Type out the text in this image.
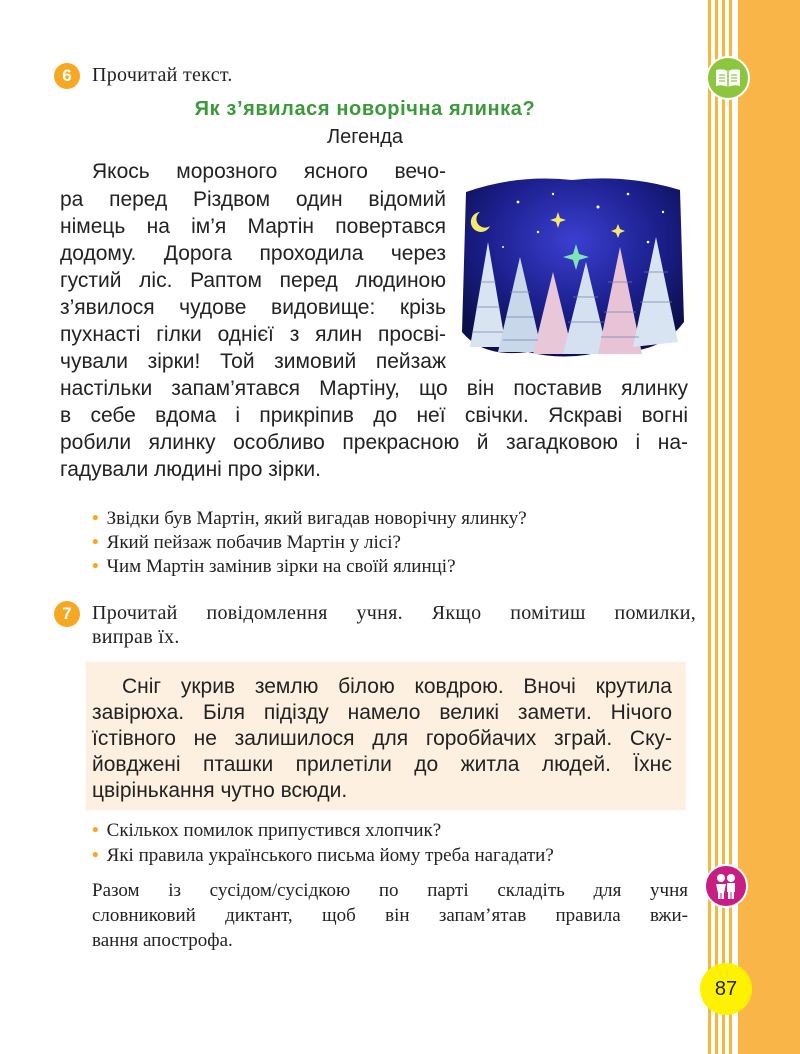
87
6	Прочитай текст.
Як з’явилася новорічна ялинка?
Легенда
Якось морозного ясного вечо-
ра перед Різдвом один відомий
німець на ім’я Мартін повертався
додому. Дорога проходила через
густий ліс. Раптом перед людиною
з’явилося чудове видовище: крізь
пухнасті гілки однієї з ялин просві-
чували зірки! Той зимовий пейзаж
настільки запам’ятався Мартіну, що він поставив ялинку
в себе вдома і прикріпив до неї свічки. Яскраві вогні
робили ялинку особливо прекрасною й загадковою і на-
гадували людині про зірки.
• Звідки був Мартін, який вигадав новорічну ялинку?
• Який пейзаж побачив Мартін у лісі?
• Чим Мартін замінив зірки на своїй ялинці?
7	Прочитай повідомлення учня. Якщо помітиш помилки,
виправ їх.
Сніг укрив землю білою ковдрою. Вночі крутила
завірюха. Біля підізду намело великі замети. Нічого
їстівного не залишилося для горобйачих зграй. Ску-
йовджені пташки прилетіли до житла людей. Їхнє
цвірінькання чутно всюди.
• Скількох помилок припустився хлопчик?
• Які правила українського письма йому треба нагадати?
Разом із сусідом/сусідкою по парті складіть для учня
словниковий диктант, щоб він запам’ятав правила вжи-
вання апострофа.
